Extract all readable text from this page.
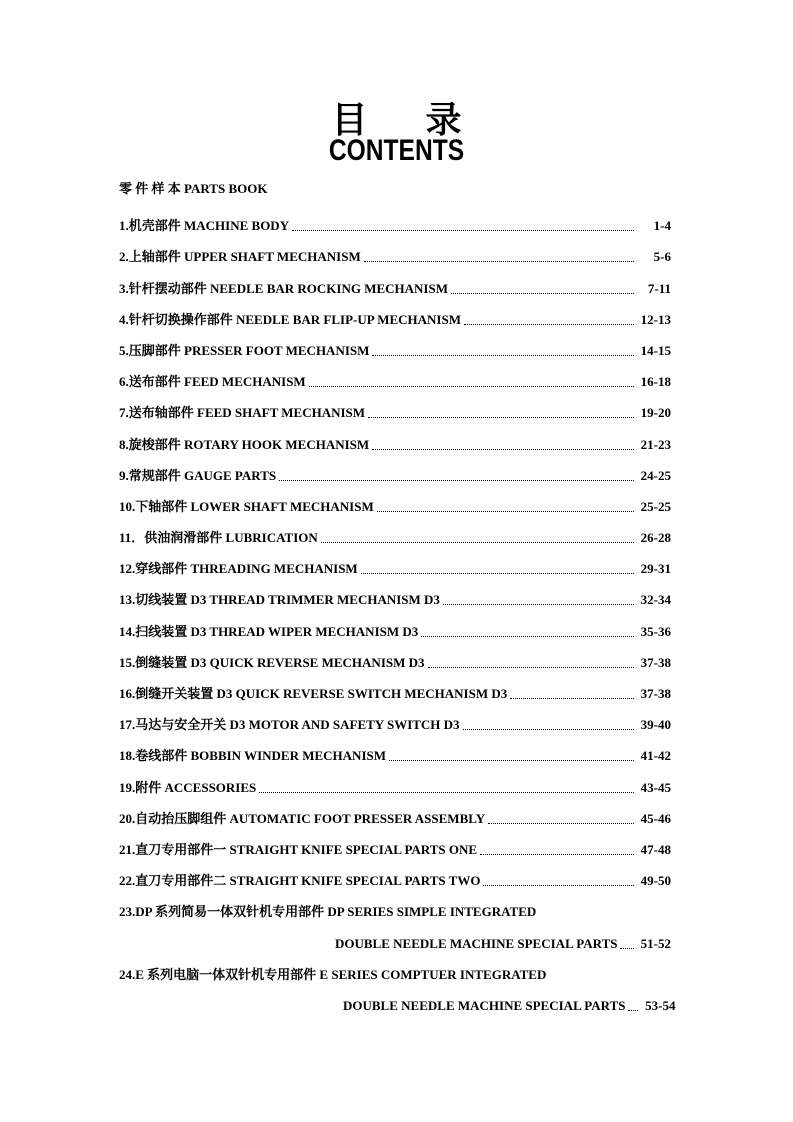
目录
CONTENTS
零 件 样 本 PARTS BOOK
1.机壳部件 MACHINE BODY	1-4
2.上轴部件 UPPER SHAFT MECHANISM	5-6
3.针杆摆动部件 NEEDLE BAR ROCKING MECHANISM	7-11
4.针杆切换操作部件 NEEDLE BAR FLIP-UP MECHANISM	12-13
5.压脚部件 PRESSER FOOT MECHANISM	14-15
6.送布部件 FEED MECHANISM	16-18
7.送布轴部件 FEED SHAFT MECHANISM	19-20
8.旋梭部件 ROTARY HOOK MECHANISM	21-23
9.常规部件 GAUGE PARTS	24-25
10.下轴部件 LOWER SHAFT MECHANISM	25-25
11．供油润滑部件 LUBRICATION	26-28
12.穿线部件 THREADING MECHANISM	29-31
13.切线装置 D3 THREAD TRIMMER MECHANISM D3	32-34
14.扫线装置 D3 THREAD WIPER MECHANISM D3	35-36
15.倒缝装置 D3 QUICK REVERSE MECHANISM D3	37-38
16.倒缝开关装置 D3 QUICK REVERSE SWITCH MECHANISM D3	37-38
17.马达与安全开关 D3 MOTOR AND SAFETY SWITCH D3	39-40
18.卷线部件 BOBBIN WINDER MECHANISM	41-42
19.附件 ACCESSORIES	43-45
20.自动抬压脚组件 AUTOMATIC FOOT PRESSER ASSEMBLY	45-46
21.直刀专用部件一 STRAIGHT KNIFE SPECIAL PARTS ONE	47-48
22.直刀专用部件二 STRAIGHT KNIFE SPECIAL PARTS TWO	49-50
23.DP 系列简易一体双针机专用部件 DP SERIES SIMPLE INTEGRATED
DOUBLE NEEDLE MACHINE SPECIAL PARTS 51-52
24.E 系列电脑一体双针机专用部件 E SERIES COMPTUER INTEGRATED
DOUBLE NEEDLE MACHINE SPECIAL PARTS 53-54
